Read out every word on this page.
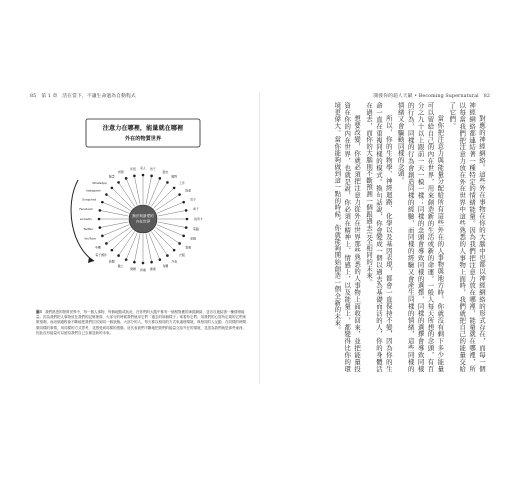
85 第 1 章　活在當下，不讓生命過為自動程式
注意力在哪裡，能量就在哪裡
外在的物質世界
家人 孩子
朋友
寵物
工作
財產
房子
車子
信用卡
電腦
金錢
電視
衣服
外表
身體
健康
疼痛
問題
敵人
新聞
電子郵件
手機
YouTube
Twitter
LinkedIn
Facebook
Snapchat
Instagram
WhatsApp
臉書
老闆
伴侶
無法與最愛的
內在世界
圖5 我們熟悉的物質世界中，每一個人事物，每個地點或狀況，在你們的大腦中都有一個相對應的神經網絡，並各自連結著一種情緒能量。因為我們把人事物放在我們的記憶裡面，大部分的時候我們就用它們「過去的那個樣子」來看待它們，用我們的心智所定義的它們來做預測，而這個過程會不斷地把我們拉回到同一個狀態。大部分的人，每天都以相同的方式來處理環境，與相同的人互動，在同樣的時間做同樣的事情，用同樣的方式思考，並感受到同樣的感覺。這代表我們不斷地把我們的能量交給外在的環境，並認為我們就是那些東西，因此沒有能量可以留給我們自己去創造新的未來。
開發你的超人天賦 • Becoming Supernatural 82

對應的神經網絡。這些外在事物在你的大腦中也都以神經網絡的形式存在，而每一個神經網絡都連結著一種特定的情緒能量。因為我們把注意力放在哪裡，能量就在哪裡，所以每當我們把注意力放在外在世界中這些熟悉的人事物上面時，我們就把自己的能量交給了它們。

當你把注意力與能量分配給所有這些外在的人事物與地方時，你就沒有剩下多少能量可以留給自己的內在世界，用來創造新的生活或新的命運。一般人每天所想的念頭，有百分之九十以上跟前一天一模一樣；同樣的念頭會導致同樣的選擇，同樣的選擇會導致同樣的行為，同樣的行為會創造同樣的經驗，而同樣的經驗又會產生同樣的情緒，這些同樣的情緒又會驅動同樣的念頭。

所以，你的生物學、神經迴路、化學以及基因表現，都會一直保持不變，因為你的生命一直在重複同樣的模式。換句話說，你會變成一個以過去為基礎而活的人，你的身體活在過去，而你的大腦則不斷預測一個跟過去完全相同的未來。

想要改變，你就必須把注意力從外在世界那些熟悉的人事物上面收回來，並把能量投資在你的內在世界，也就是說，你必須在精神上、情感上，以及能量上，都變得比你的環境更偉大。當你能夠做到這一點的時候，你就能夠開始創造一個全新的未來。
